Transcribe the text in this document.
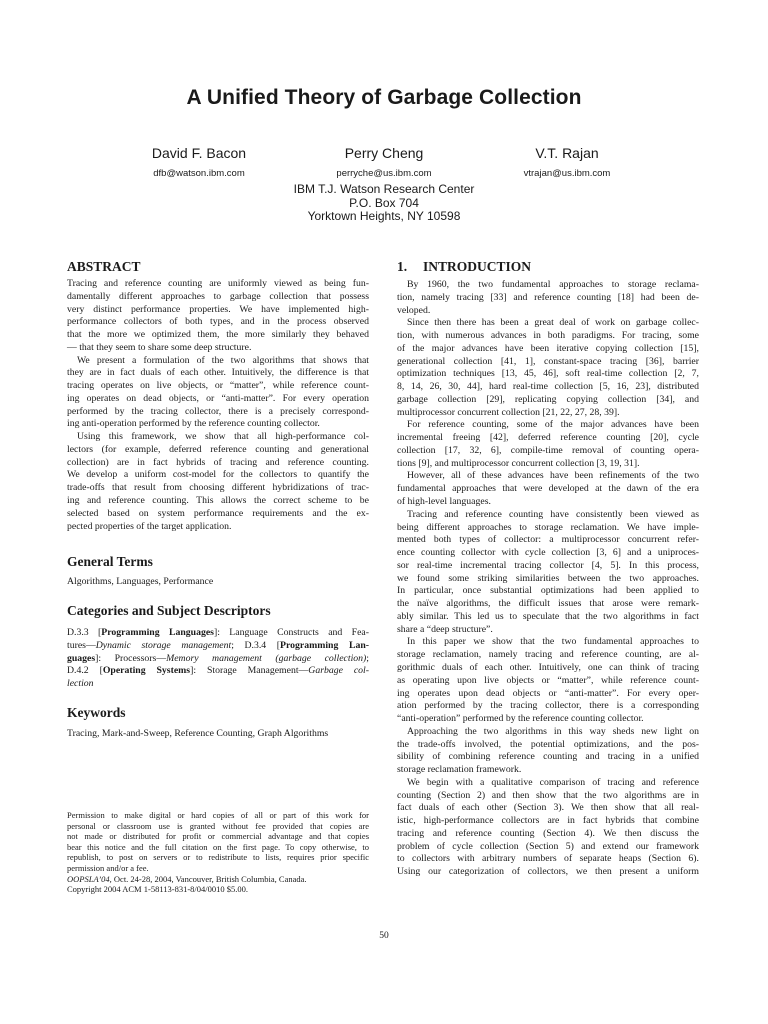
A Unified Theory of Garbage Collection
David F. Bacon
dfb@watson.ibm.com
Perry Cheng
perryche@us.ibm.com
V.T. Rajan
vtrajan@us.ibm.com
IBM T.J. Watson Research Center
P.O. Box 704
Yorktown Heights, NY 10598
ABSTRACT
Tracing and reference counting are uniformly viewed as being fun-
damentally different approaches to garbage collection that possess
very distinct performance properties. We have implemented high-
performance collectors of both types, and in the process observed
that the more we optimized them, the more similarly they behaved
— that they seem to share some deep structure.
We present a formulation of the two algorithms that shows that
they are in fact duals of each other. Intuitively, the difference is that
tracing operates on live objects, or “matter”, while reference count-
ing operates on dead objects, or “anti-matter”. For every operation
performed by the tracing collector, there is a precisely correspond-
ing anti-operation performed by the reference counting collector.
Using this framework, we show that all high-performance col-
lectors (for example, deferred reference counting and generational
collection) are in fact hybrids of tracing and reference counting.
We develop a uniform cost-model for the collectors to quantify the
trade-offs that result from choosing different hybridizations of trac-
ing and reference counting. This allows the correct scheme to be
selected based on system performance requirements and the ex-
pected properties of the target application.
General Terms
Algorithms, Languages, Performance
Categories and Subject Descriptors
D.3.3 [Programming Languages]: Language Constructs and Fea-
tures—Dynamic storage management; D.3.4 [Programming Lan-
guages]: Processors—Memory management (garbage collection);
D.4.2 [Operating Systems]: Storage Management—Garbage col-
lection
Keywords
Tracing, Mark-and-Sweep, Reference Counting, Graph Algorithms
Permission to make digital or hard copies of all or part of this work for
personal or classroom use is granted without fee provided that copies are
not made or distributed for profit or commercial advantage and that copies
bear this notice and the full citation on the first page. To copy otherwise, to
republish, to post on servers or to redistribute to lists, requires prior specific
permission and/or a fee.
OOPSLA’04, Oct. 24-28, 2004, Vancouver, British Columbia, Canada.
Copyright 2004 ACM 1-58113-831-8/04/0010 $5.00.
1. INTRODUCTION
By 1960, the two fundamental approaches to storage reclama-
tion, namely tracing [33] and reference counting [18] had been de-
veloped.
Since then there has been a great deal of work on garbage collec-
tion, with numerous advances in both paradigms. For tracing, some
of the major advances have been iterative copying collection [15],
generational collection [41, 1], constant-space tracing [36], barrier
optimization techniques [13, 45, 46], soft real-time collection [2, 7,
8, 14, 26, 30, 44], hard real-time collection [5, 16, 23], distributed
garbage collection [29], replicating copying collection [34], and
multiprocessor concurrent collection [21, 22, 27, 28, 39].
For reference counting, some of the major advances have been
incremental freeing [42], deferred reference counting [20], cycle
collection [17, 32, 6], compile-time removal of counting opera-
tions [9], and multiprocessor concurrent collection [3, 19, 31].
However, all of these advances have been refinements of the two
fundamental approaches that were developed at the dawn of the era
of high-level languages.
Tracing and reference counting have consistently been viewed as
being different approaches to storage reclamation. We have imple-
mented both types of collector: a multiprocessor concurrent refer-
ence counting collector with cycle collection [3, 6] and a uniproces-
sor real-time incremental tracing collector [4, 5]. In this process,
we found some striking similarities between the two approaches.
In particular, once substantial optimizations had been applied to
the naïve algorithms, the difficult issues that arose were remark-
ably similar. This led us to speculate that the two algorithms in fact
share a “deep structure”.
In this paper we show that the two fundamental approaches to
storage reclamation, namely tracing and reference counting, are al-
gorithmic duals of each other. Intuitively, one can think of tracing
as operating upon live objects or “matter”, while reference count-
ing operates upon dead objects or “anti-matter”. For every oper-
ation performed by the tracing collector, there is a corresponding
“anti-operation” performed by the reference counting collector.
Approaching the two algorithms in this way sheds new light on
the trade-offs involved, the potential optimizations, and the pos-
sibility of combining reference counting and tracing in a unified
storage reclamation framework.
We begin with a qualitative comparison of tracing and reference
counting (Section 2) and then show that the two algorithms are in
fact duals of each other (Section 3). We then show that all real-
istic, high-performance collectors are in fact hybrids that combine
tracing and reference counting (Section 4). We then discuss the
problem of cycle collection (Section 5) and extend our framework
to collectors with arbitrary numbers of separate heaps (Section 6).
Using our categorization of collectors, we then present a uniform
50
